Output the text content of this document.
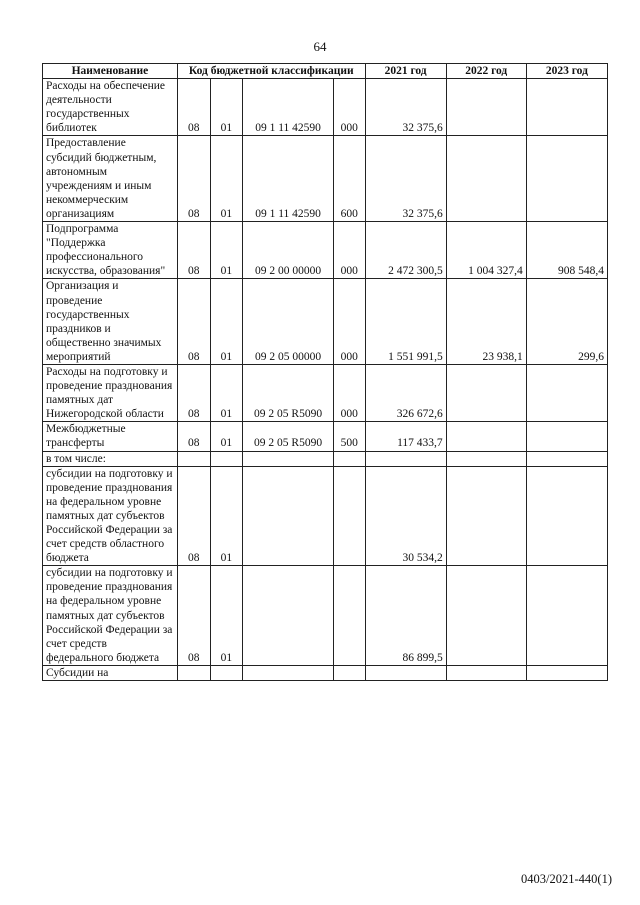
64
Наименование	Код бюджетной классификации				2021 год	2022 год	2023 год
Расходы на обеспечение деятельности государственных библиотек	08	01	09 1 11 42590	000	32 375,6		
Предоставление субсидий бюджетным, автономным учреждениям и иным некоммерческим организациям	08	01	09 1 11 42590	600	32 375,6		
Подпрограмма "Поддержка профессионального искусства, образования"	08	01	09 2 00 00000	000	2 472 300,5	1 004 327,4	908 548,4
Организация и проведение государственных праздников и общественно значимых мероприятий	08	01	09 2 05 00000	000	1 551 991,5	23 938,1	299,6
Расходы на подготовку и проведение празднования памятных дат Нижегородской области	08	01	09 2 05 R5090	000	326 672,6		
Межбюджетные трансферты	08	01	09 2 05 R5090	500	117 433,7		
в том числе:							
субсидии на подготовку и проведение празднования на федеральном уровне памятных дат субъектов Российской Федерации за счет средств областного бюджета	08	01			30 534,2		
субсидии на подготовку и проведение празднования на федеральном уровне памятных дат субъектов Российской Федерации за счет средств федерального бюджета	08	01			86 899,5		
Субсидии на							
0403/2021-440(1)
